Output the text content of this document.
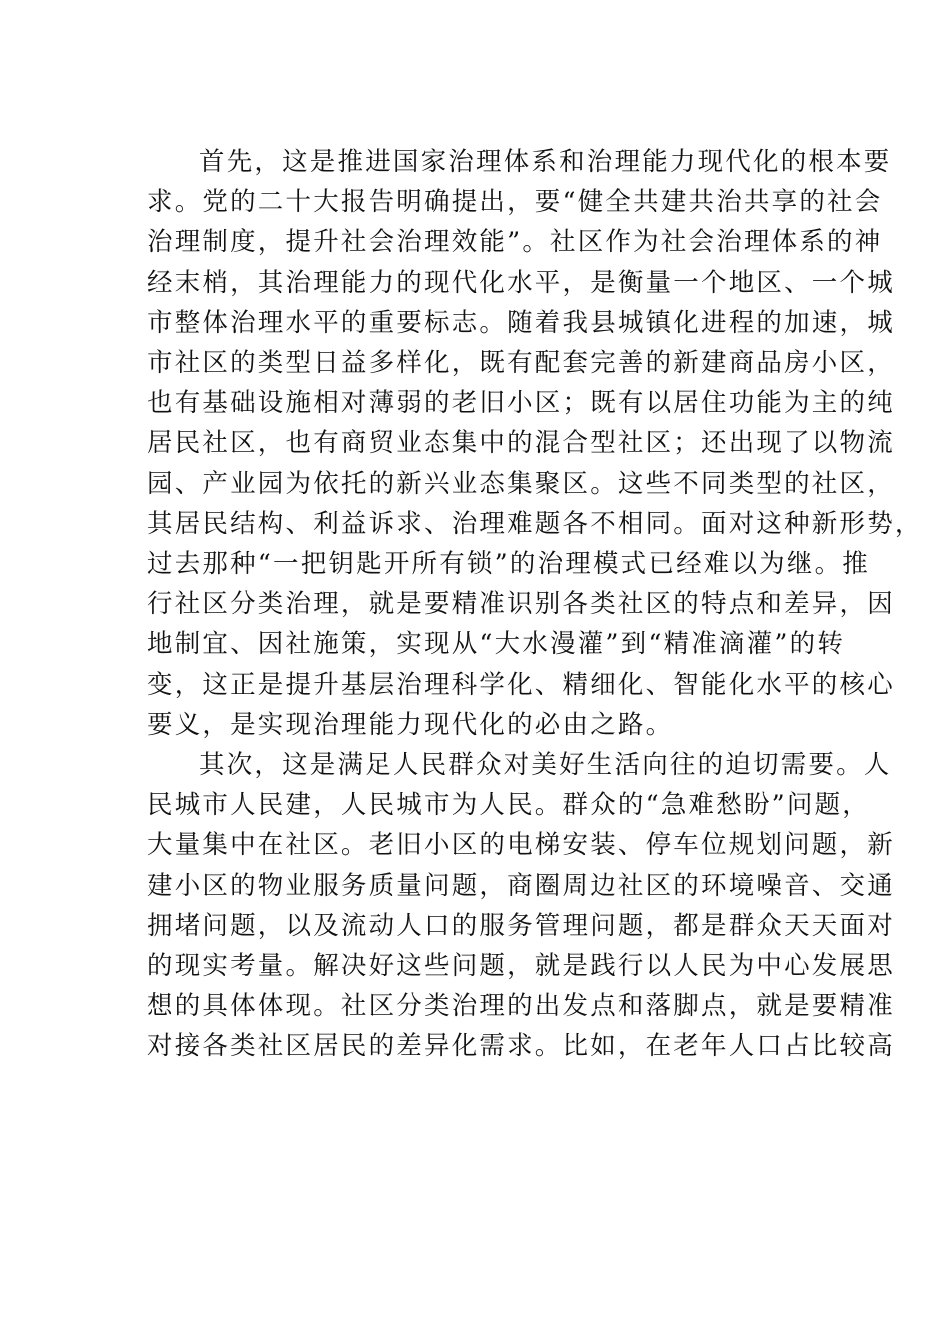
首先，这是推进国家治理体系和治理能力现代化的根本要
求。党的二十大报告明确提出，要“健全共建共治共享的社会
治理制度，提升社会治理效能”。社区作为社会治理体系的神
经末梢，其治理能力的现代化水平，是衡量一个地区、一个城
市整体治理水平的重要标志。随着我县城镇化进程的加速，城
市社区的类型日益多样化，既有配套完善的新建商品房小区，
也有基础设施相对薄弱的老旧小区；既有以居住功能为主的纯
居民社区，也有商贸业态集中的混合型社区；还出现了以物流
园、产业园为依托的新兴业态集聚区。这些不同类型的社区，
其居民结构、利益诉求、治理难题各不相同。面对这种新形势，
过去那种“一把钥匙开所有锁”的治理模式已经难以为继。推
行社区分类治理，就是要精准识别各类社区的特点和差异，因
地制宜、因社施策，实现从“大水漫灌”到“精准滴灌”的转
变，这正是提升基层治理科学化、精细化、智能化水平的核心
要义，是实现治理能力现代化的必由之路。

其次，这是满足人民群众对美好生活向往的迫切需要。人
民城市人民建，人民城市为人民。群众的“急难愁盼”问题，
大量集中在社区。老旧小区的电梯安装、停车位规划问题，新
建小区的物业服务质量问题，商圈周边社区的环境噪音、交通
拥堵问题，以及流动人口的服务管理问题，都是群众天天面对
的现实考量。解决好这些问题，就是践行以人民为中心发展思
想的具体体现。社区分类治理的出发点和落脚点，就是要精准
对接各类社区居民的差异化需求。比如，在老年人口占比较高
